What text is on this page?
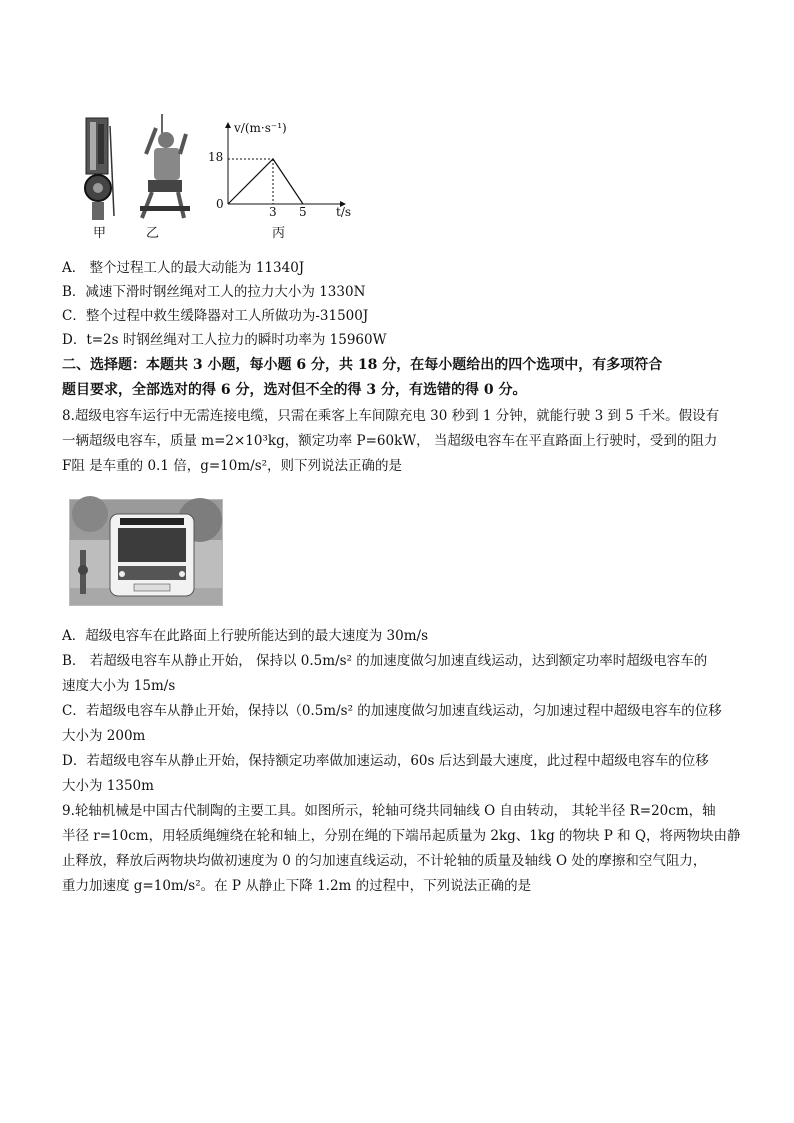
甲	乙
v/(m·s⁻¹)
t/s
0
18
3 5
丙
A． 整个过程工人的最大动能为 11340J
B．减速下滑时钢丝绳对工人的拉力大小为 1330N
C．整个过程中救生缓降器对工人所做功为-31500J
D．t=2s 时钢丝绳对工人拉力的瞬时功率为 15960W
二、选择题：本题共 3 小题，每小题 6 分，共 18 分，在每小题给出的四个选项中，有多项符合
题目要求，全部选对的得 6 分，选对但不全的得 3 分，有选错的得 0 分。
8.超级电容车运行中无需连接电缆，只需在乘客上车间隙充电 30 秒到 1 分钟，就能行驶 3 到 5 千米。假设有
一辆超级电容车，质量 m=2×10³kg，额定功率 P=60kW， 当超级电容车在平直路面上行驶时，受到的阻力
F阻 是车重的 0.1 倍，g=10m/s²，则下列说法正确的是
A．超级电容车在此路面上行驶所能达到的最大速度为 30m/s
B． 若超级电容车从静止开始， 保持以 0.5m/s² 的加速度做匀加速直线运动，达到额定功率时超级电容车的
速度大小为 15m/s
C．若超级电容车从静止开始，保持以（0.5m/s² 的加速度做匀加速直线运动，匀加速过程中超级电容车的位移
大小为 200m
D．若超级电容车从静止开始，保持额定功率做加速运动，60s 后达到最大速度，此过程中超级电容车的位移
大小为 1350m
9.轮轴机械是中国古代制陶的主要工具。如图所示，轮轴可绕共同轴线 O 自由转动， 其轮半径 R=20cm，轴
半径 r=10cm，用轻质绳缠绕在轮和轴上，分别在绳的下端吊起质量为 2kg、1kg 的物块 P 和 Q，将两物块由静
止释放，释放后两物块均做初速度为 0 的匀加速直线运动，不计轮轴的质量及轴线 O 处的摩擦和空气阻力，
重力加速度 g=10m/s²。在 P 从静止下降 1.2m 的过程中，下列说法正确的是
